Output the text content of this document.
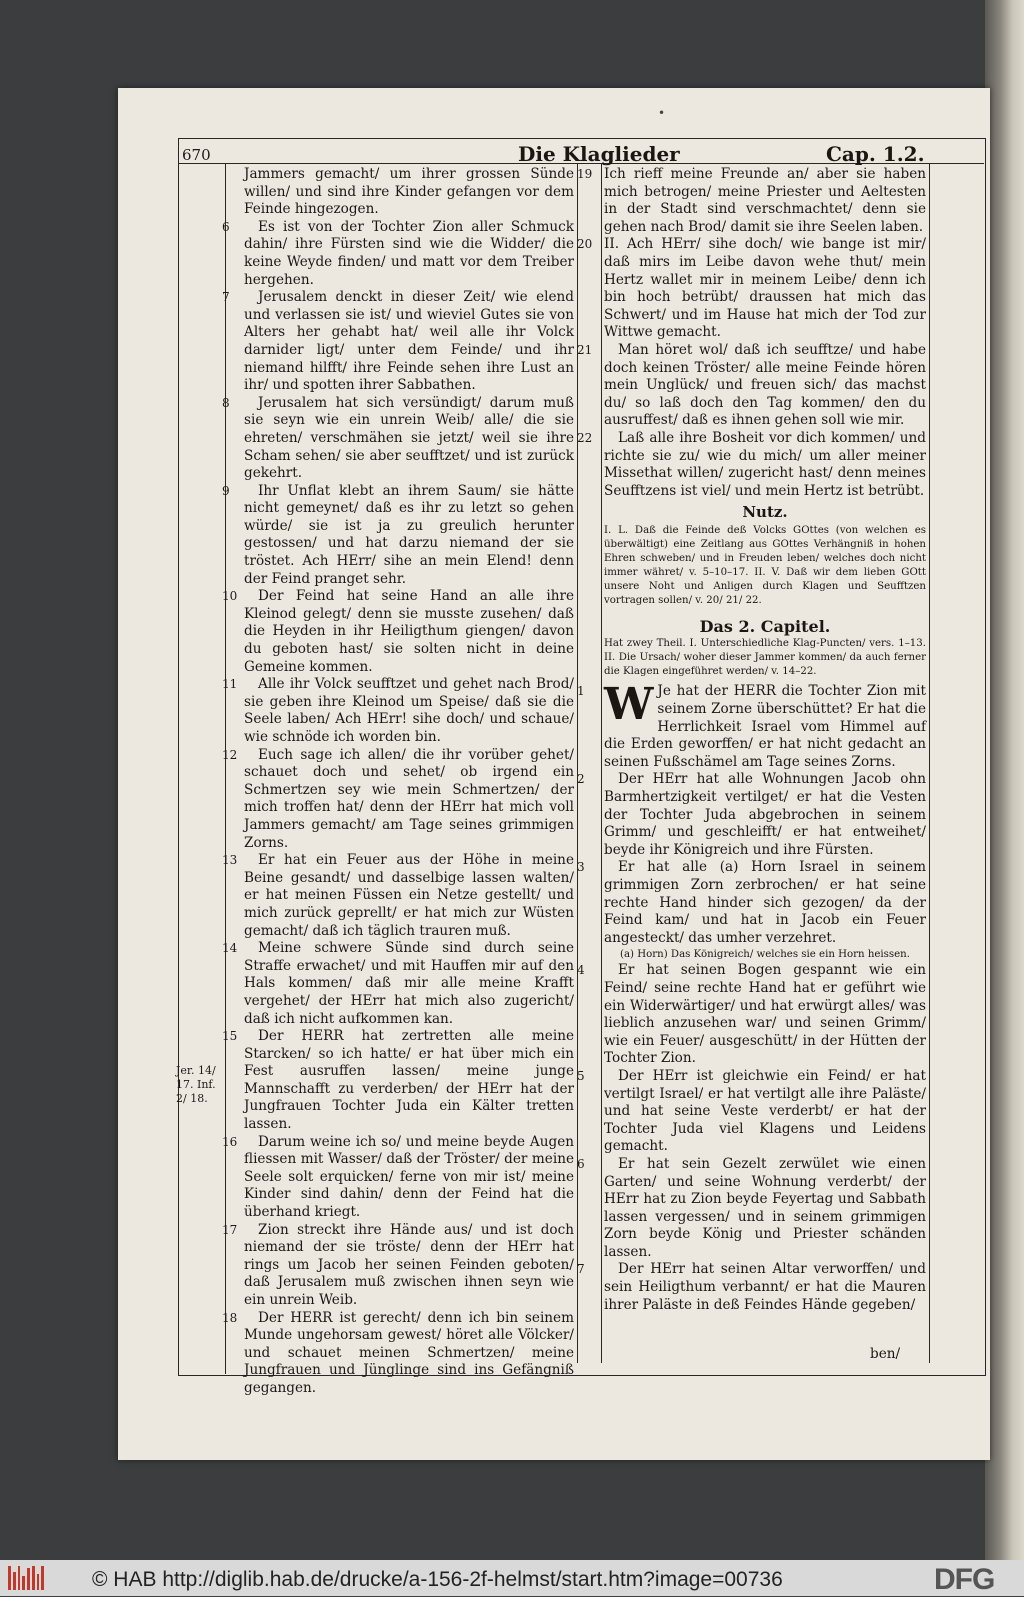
•
670	Die Klaglieder	Cap. 1.2.

Jammers gemacht/ um ihrer grossen Sünde willen/ und sind ihre Kinder gefangen vor dem Feinde hingezogen.

6	Es ist von der Tochter Zion aller Schmuck dahin/ ihre Fürsten sind wie die Widder/ die keine Weyde finden/ und matt vor dem Treiber hergehen.

7	Jerusalem denckt in dieser Zeit/ wie elend und verlassen sie ist/ und wieviel Gutes sie von Alters her gehabt hat/ weil alle ihr Volck darnider ligt/ unter dem Feinde/ und ihr niemand hilfft/ ihre Feinde sehen ihre Lust an ihr/ und spotten ihrer Sabbathen.

8	Jerusalem hat sich versündigt/ darum muß sie seyn wie ein unrein Weib/ alle/ die sie ehreten/ verschmähen sie jetzt/ weil sie ihre Scham sehen/ sie aber seufftzet/ und ist zurück gekehrt.

9	Ihr Unflat klebt an ihrem Saum/ sie hätte nicht gemeynet/ daß es ihr zu letzt so gehen würde/ sie ist ja zu greulich herunter gestossen/ und hat darzu niemand der sie tröstet. Ach HErr/ sihe an mein Elend! denn der Feind pranget sehr.

10	Der Feind hat seine Hand an alle ihre Kleinod gelegt/ denn sie musste zusehen/ daß die Heyden in ihr Heiligthum giengen/ davon du geboten hast/ sie solten nicht in deine Gemeine kommen.

11	Alle ihr Volck seufftzet und gehet nach Brod/ sie geben ihre Kleinod um Speise/ daß sie die Seele laben/ Ach HErr! sihe doch/ und schaue/ wie schnöde ich worden bin.

12	Euch sage ich allen/ die ihr vorüber gehet/ schauet doch und sehet/ ob irgend ein Schmertzen sey wie mein Schmertzen/ der mich troffen hat/ denn der HErr hat mich voll Jammers gemacht/ am Tage seines grimmigen Zorns.

13	Er hat ein Feuer aus der Höhe in meine Beine gesandt/ und dasselbige lassen walten/ er hat meinen Füssen ein Netze gestellt/ und mich zurück geprellt/ er hat mich zur Wüsten gemacht/ daß ich täglich trauren muß.

14	Meine schwere Sünde sind durch seine Straffe erwachet/ und mit Hauffen mir auf den Hals kommen/ daß mir alle meine Krafft vergehet/ der HErr hat mich also zugericht/ daß ich nicht aufkommen kan.

15	Der HERR hat zertretten alle meine Starcken/ so ich hatte/ er hat über mich ein Fest ausruffen lassen/ meine junge Mannschafft zu verderben/ der HErr hat der Jungfrauen Tochter Juda ein Kälter tretten lassen.

16	Darum weine ich so/ und meine beyde Augen fliessen mit Wasser/ daß der Tröster/ der meine Seele solt erquicken/ ferne von mir ist/ meine Kinder sind dahin/ denn der Feind hat die überhand kriegt.

17	Zion streckt ihre Hände aus/ und ist doch niemand der sie tröste/ denn der HErr hat rings um Jacob her seinen Feinden geboten/ daß Jerusalem muß zwischen ihnen seyn wie ein unrein Weib.

18	Der HERR ist gerecht/ denn ich bin seinem Munde ungehorsam gewest/ höret alle Völcker/ und schauet meinen Schmertzen/ meine Jungfrauen und Jünglinge sind ins Gefängniß gegangen.

Jer. 14/ 17. Inf. 2/ 18.
19 Ich rieff meine Freunde an/ aber sie haben mich betrogen/ meine Priester und Aeltesten in der Stadt sind verschmachtet/ denn sie gehen nach Brod/ damit sie ihre Seelen laben.

20 II. Ach HErr/ sihe doch/ wie bange ist mir/ daß mirs im Leibe davon wehe thut/ mein Hertz wallet mir in meinem Leibe/ denn ich bin hoch betrübt/ draussen hat mich das Schwert/ und im Hause hat mich der Tod zur Wittwe gemacht.

21	Man höret wol/ daß ich seufftze/ und habe doch keinen Tröster/ alle meine Feinde hören mein Unglück/ und freuen sich/ das machst du/ so laß doch den Tag kommen/ den du ausruffest/ daß es ihnen gehen soll wie mir.

22	Laß alle ihre Bosheit vor dich kommen/ und richte sie zu/ wie du mich/ um aller meiner Missethat willen/ zugericht hast/ denn meines Seufftzens ist viel/ und mein Hertz ist betrübt.

Nutz.

I. L. Daß die Feinde deß Volcks GOttes (von welchen es überwältigt) eine Zeitlang aus GOttes Verhängniß in hohen Ehren schweben/ und in Freuden leben/ welches doch nicht immer währet/ v. 5–10–17. II. V. Daß wir dem lieben GOtt unsere Noht und Anligen durch Klagen und Seufftzen vortragen sollen/ v. 20/ 21/ 22.

Das 2. Capitel.

Hat zwey Theil. I. Unterschiedliche Klag-Puncten/ vers. 1–13. II. Die Ursach/ woher dieser Jammer kommen/ da auch ferner die Klagen eingeführet werden/ v. 14–22.

1 W Je hat der HERR die Tochter Zion mit seinem Zorne überschüttet? Er hat die Herrlichkeit Israel vom Himmel auf die Erden geworffen/ er hat nicht gedacht an seinen Fußschämel am Tage seines Zorns.

2	Der HErr hat alle Wohnungen Jacob ohn Barmhertzigkeit vertilget/ er hat die Vesten der Tochter Juda abgebrochen in seinem Grimm/ und geschleifft/ er hat entweihet/ beyde ihr Königreich und ihre Fürsten.

3	Er hat alle (a) Horn Israel in seinem grimmigen Zorn zerbrochen/ er hat seine rechte Hand hinder sich gezogen/ da der Feind kam/ und hat in Jacob ein Feuer angesteckt/ das umher verzehret.

(a) Horn) Das Königreich/ welches sie ein Horn heissen.

4	Er hat seinen Bogen gespannt wie ein Feind/ seine rechte Hand hat er geführt wie ein Widerwärtiger/ und hat erwürgt alles/ was lieblich anzusehen war/ und seinen Grimm/ wie ein Feuer/ ausgeschütt/ in der Hütten der Tochter Zion.

5	Der HErr ist gleichwie ein Feind/ er hat vertilgt Israel/ er hat vertilgt alle ihre Paläste/ und hat seine Veste verderbt/ er hat der Tochter Juda viel Klagens und Leidens gemacht.

6	Er hat sein Gezelt zerwület wie einen Garten/ und seine Wohnung verderbt/ der HErr hat zu Zion beyde Feyertag und Sabbath lassen vergessen/ und in seinem grimmigen Zorn beyde König und Priester schänden lassen.

7	Der HErr hat seinen Altar verworffen/ und sein Heiligthum verbannt/ er hat die Mauren ihrer Paläste in deß Feindes Hände gegeben/

ben/
© HAB http://diglib.hab.de/drucke/a-156-2f-helmst/start.htm?image=00736	DFG
